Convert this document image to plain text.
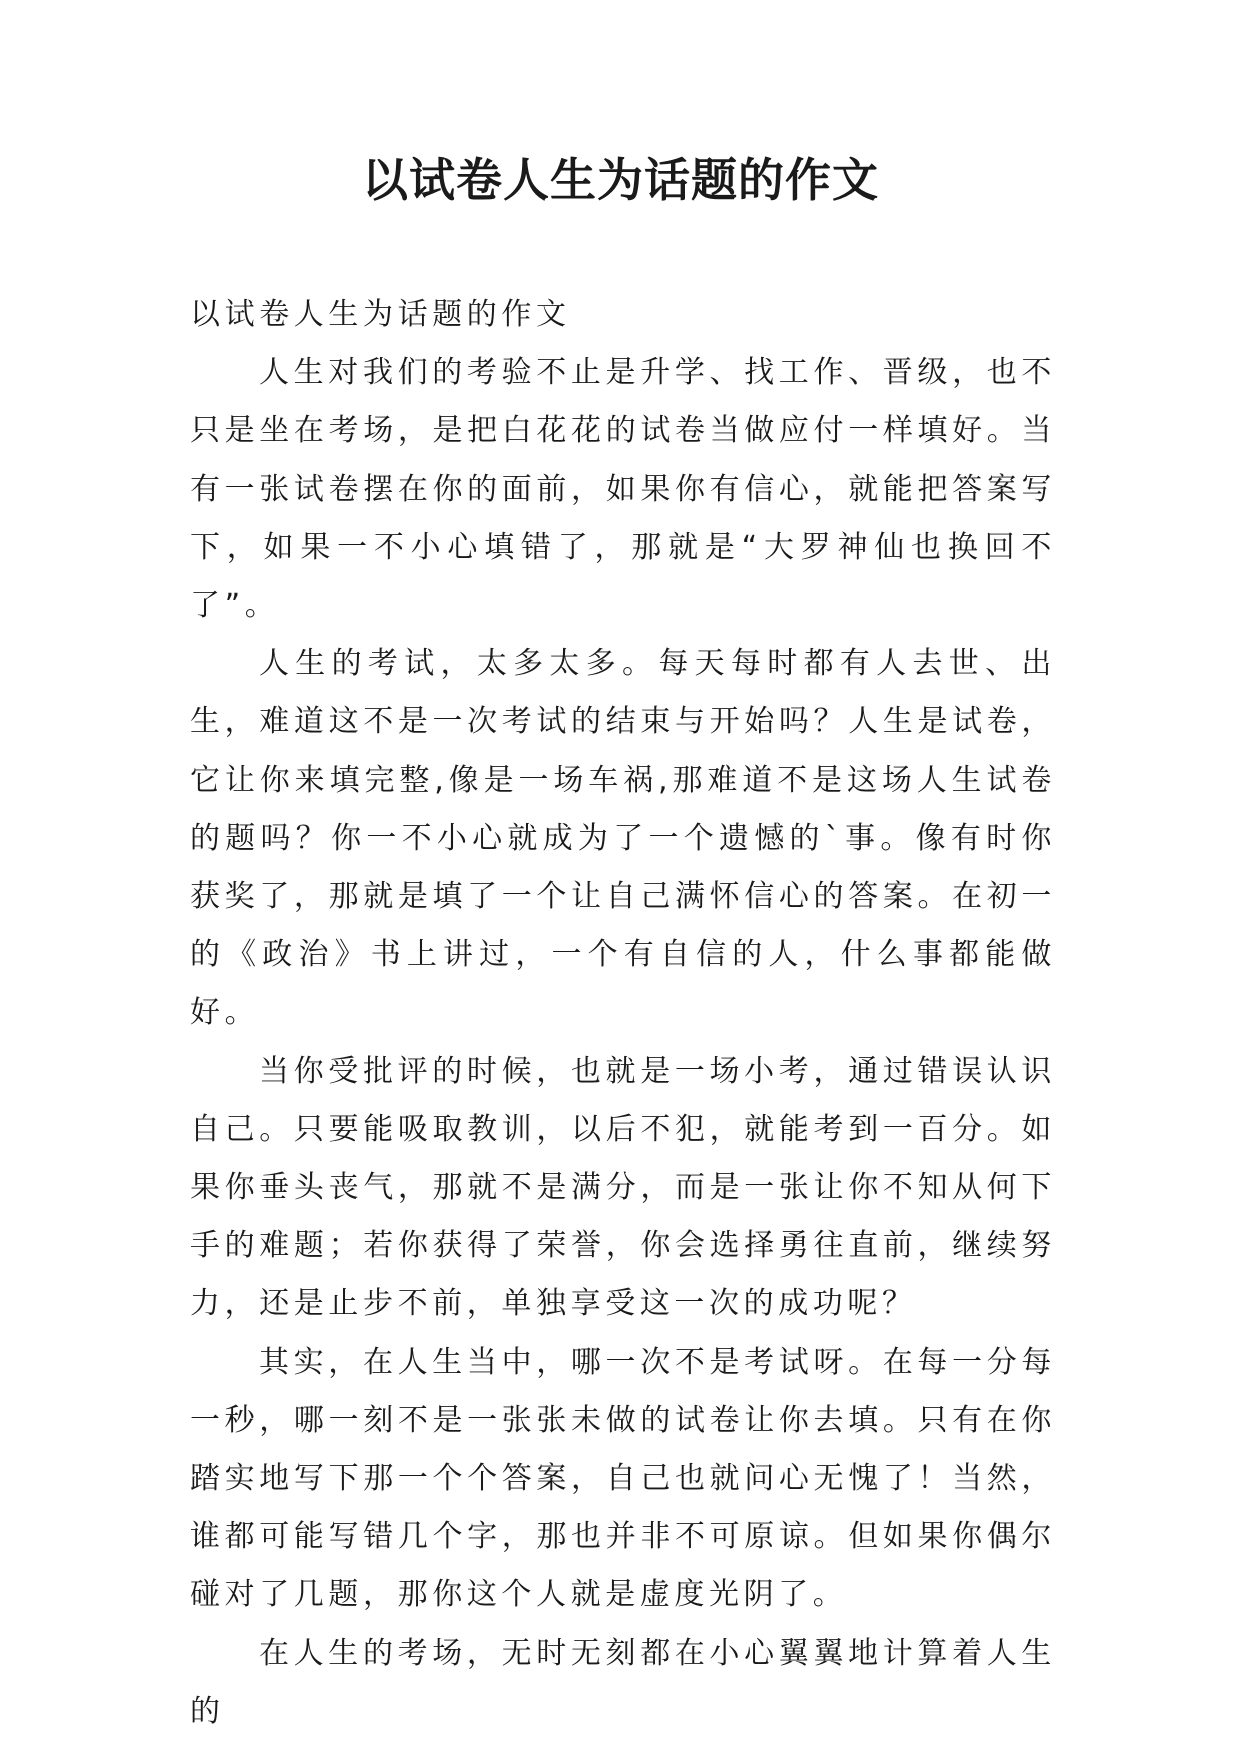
以试卷人生为话题的作文

以试卷人生为话题的作文

人生对我们的考验不止是升学、找工作、晋级，也不只是坐在考场，是把白花花的试卷当做应付一样填好。当有一张试卷摆在你的面前，如果你有信心，就能把答案写下，如果一不小心填错了，那就是“大罗神仙也换回不了”。

人生的考试，太多太多。每天每时都有人去世、出生，难道这不是一次考试的结束与开始吗？人生是试卷，它让你来填完整,像是一场车祸,那难道不是这场人生试卷的题吗？你一不小心就成为了一个遗憾的`事。像有时你获奖了，那就是填了一个让自己满怀信心的答案。在初一的《政治》书上讲过，一个有自信的人，什么事都能做好。

当你受批评的时候，也就是一场小考，通过错误认识自己。只要能吸取教训，以后不犯，就能考到一百分。如果你垂头丧气，那就不是满分，而是一张让你不知从何下手的难题；若你获得了荣誉，你会选择勇往直前，继续努力，还是止步不前，单独享受这一次的成功呢？

其实，在人生当中，哪一次不是考试呀。在每一分每一秒，哪一刻不是一张张未做的试卷让你去填。只有在你踏实地写下那一个个答案，自己也就问心无愧了！当然，谁都可能写错几个字，那也并非不可原谅。但如果你偶尔碰对了几题，那你这个人就是虚度光阴了。

在人生的考场，无时无刻都在小心翼翼地计算着人生的
